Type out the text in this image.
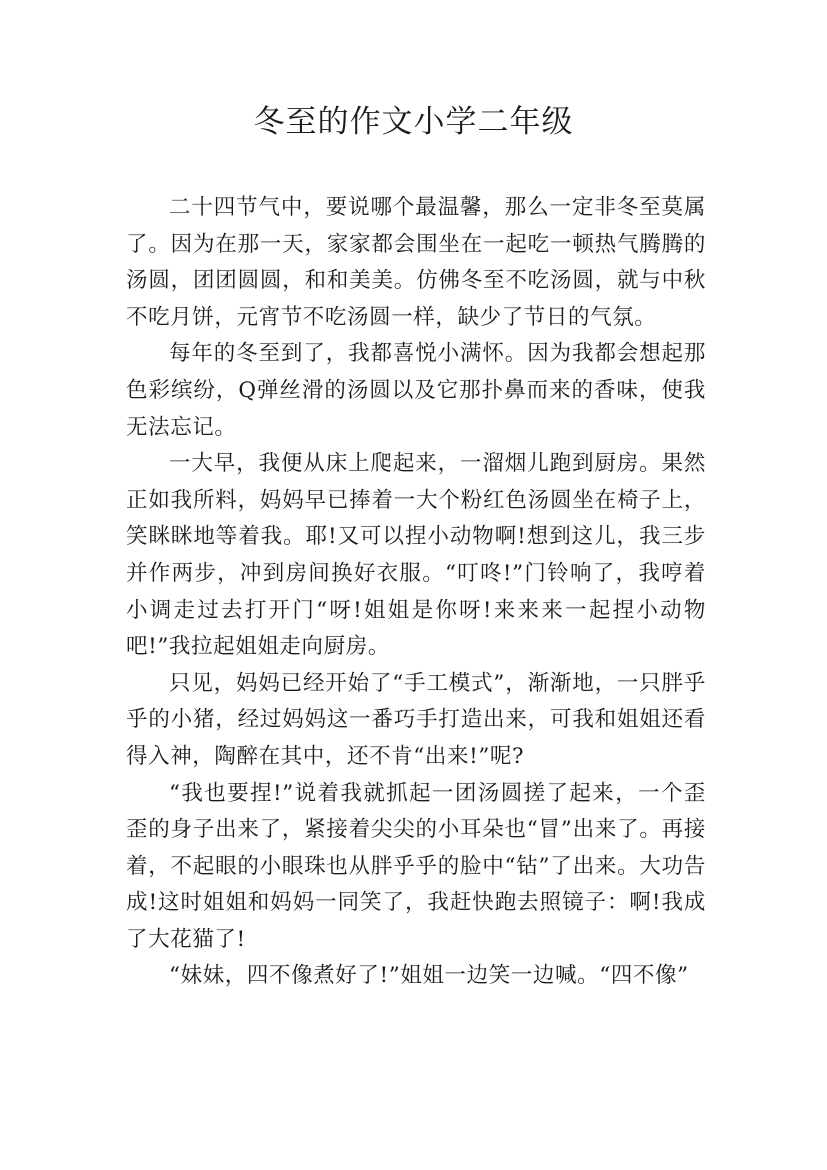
冬至的作文小学二年级

二十四节气中，要说哪个最温馨，那么一定非冬至莫属了。因为在那一天，家家都会围坐在一起吃一顿热气腾腾的汤圆，团团圆圆，和和美美。仿佛冬至不吃汤圆，就与中秋不吃月饼，元宵节不吃汤圆一样，缺少了节日的气氛。

每年的冬至到了，我都喜悦小满怀。因为我都会想起那色彩缤纷，Q弹丝滑的汤圆以及它那扑鼻而来的香味，使我无法忘记。

一大早，我便从床上爬起来，一溜烟儿跑到厨房。果然正如我所料，妈妈早已捧着一大个粉红色汤圆坐在椅子上，笑眯眯地等着我。耶!又可以捏小动物啊!想到这儿，我三步并作两步，冲到房间换好衣服。“叮咚!”门铃响了，我哼着小调走过去打开门“呀!姐姐是你呀!来来来一起捏小动物吧!”我拉起姐姐走向厨房。

只见，妈妈已经开始了“手工模式”，渐渐地，一只胖乎乎的小猪，经过妈妈这一番巧手打造出来，可我和姐姐还看得入神，陶醉在其中，还不肯“出来!”呢?

“我也要捏!”说着我就抓起一团汤圆搓了起来，一个歪歪的身子出来了，紧接着尖尖的小耳朵也“冒”出来了。再接着，不起眼的小眼珠也从胖乎乎的脸中“钻”了出来。大功告成!这时姐姐和妈妈一同笑了，我赶快跑去照镜子：啊!我成了大花猫了!

“妹妹，四不像煮好了!”姐姐一边笑一边喊。“四不像”
